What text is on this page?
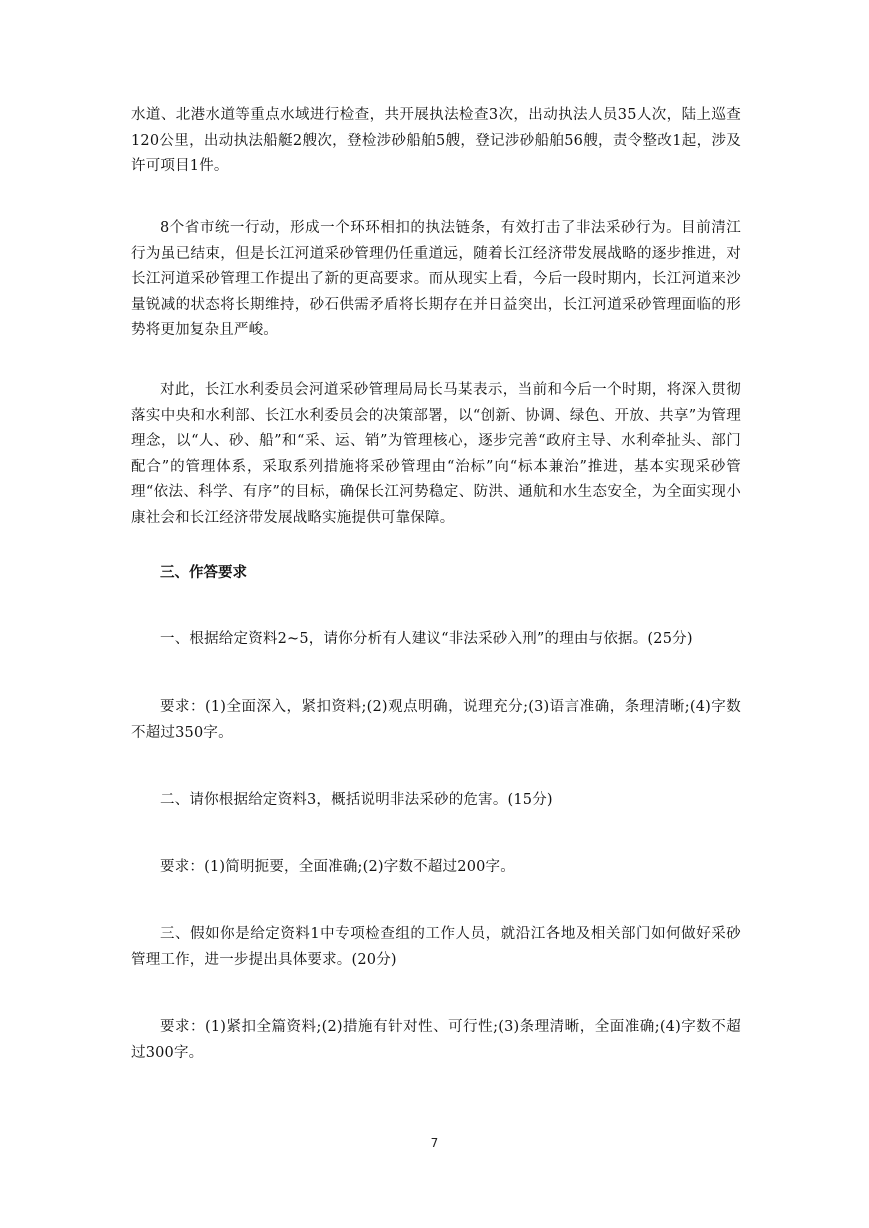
水道、北港水道等重点水域进行检查，共开展执法检查3次，出动执法人员35人次，陆上巡查120公里，出动执法船艇2艘次，登检涉砂船舶5艘，登记涉砂船舶56艘，责令整改1起，涉及许可项目1件。

8个省市统一行动，形成一个环环相扣的执法链条，有效打击了非法采砂行为。目前清江行为虽已结束，但是长江河道采砂管理仍任重道远，随着长江经济带发展战略的逐步推进，对长江河道采砂管理工作提出了新的更高要求。而从现实上看，今后一段时期内，长江河道来沙量锐减的状态将长期维持，砂石供需矛盾将长期存在并日益突出，长江河道采砂管理面临的形势将更加复杂且严峻。

对此，长江水利委员会河道采砂管理局局长马某表示，当前和今后一个时期，将深入贯彻落实中央和水利部、长江水利委员会的决策部署，以“创新、协调、绿色、开放、共享”为管理理念，以“人、砂、船”和“采、运、销”为管理核心，逐步完善“政府主导、水利牵扯头、部门配合”的管理体系，采取系列措施将采砂管理由“治标”向“标本兼治”推进，基本实现采砂管理“依法、科学、有序”的目标，确保长江河势稳定、防洪、通航和水生态安全，为全面实现小康社会和长江经济带发展战略实施提供可靠保障。

三、作答要求

一、根据给定资料2~5，请你分析有人建议“非法采砂入刑”的理由与依据。(25分)

要求：(1)全面深入，紧扣资料;(2)观点明确，说理充分;(3)语言准确，条理清晰;(4)字数不超过350字。

二、请你根据给定资料3，概括说明非法采砂的危害。(15分)

要求：(1)简明扼要，全面准确;(2)字数不超过200字。

三、假如你是给定资料1中专项检查组的工作人员，就沿江各地及相关部门如何做好采砂管理工作，进一步提出具体要求。(20分)

要求：(1)紧扣全篇资料;(2)措施有针对性、可行性;(3)条理清晰，全面准确;(4)字数不超过300字。

7
